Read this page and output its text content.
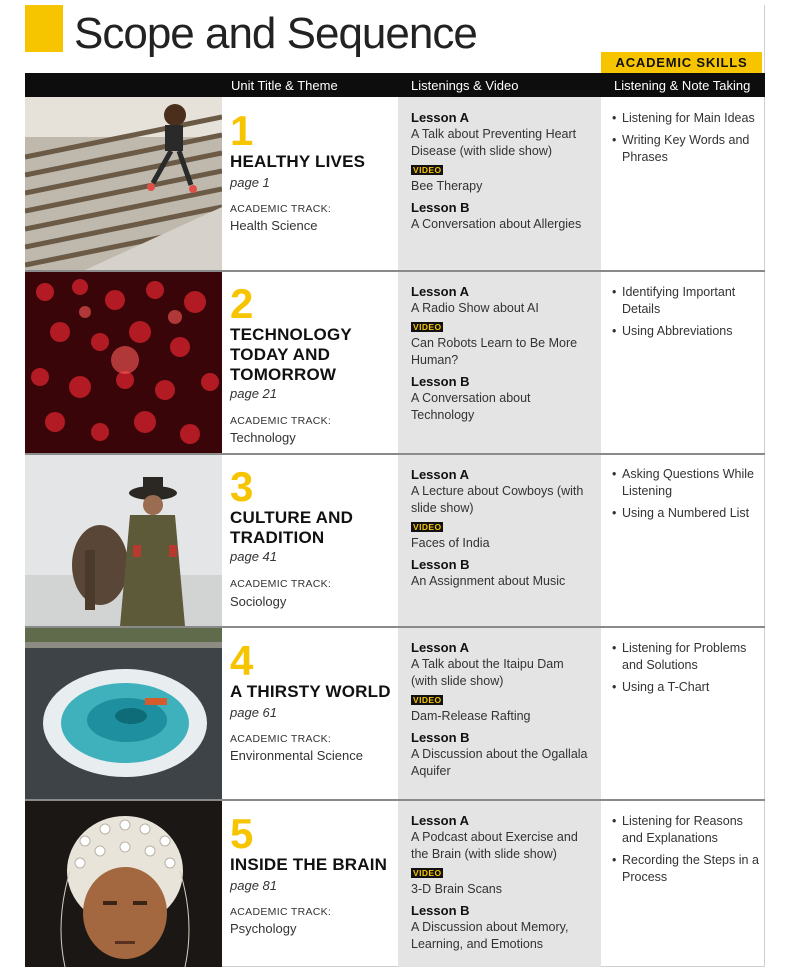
Scope and Sequence
ACADEMIC SKILLS
Unit Title & Theme	Listenings & Video	Listening & Note Taking
1
HEALTHY LIVES
page 1
ACADEMIC TRACK:
Health Science
Lesson A
A Talk about Preventing Heart Disease (with slide show)
VIDEO
Bee Therapy
Lesson B
A Conversation about Allergies
• Listening for Main Ideas
• Writing Key Words and Phrases
2
TECHNOLOGY
TODAY AND
TOMORROW
page 21
ACADEMIC TRACK:
Technology
Lesson A
A Radio Show about AI
VIDEO
Can Robots Learn to Be More Human?
Lesson B
A Conversation about Technology
• Identifying Important Details
• Using Abbreviations
3
CULTURE AND
TRADITION
page 41
ACADEMIC TRACK:
Sociology
Lesson A
A Lecture about Cowboys (with slide show)
VIDEO
Faces of India
Lesson B
An Assignment about Music
• Asking Questions While Listening
• Using a Numbered List
4
A THIRSTY WORLD
page 61
ACADEMIC TRACK:
Environmental Science
Lesson A
A Talk about the Itaipu Dam (with slide show)
VIDEO
Dam-Release Rafting
Lesson B
A Discussion about the Ogallala Aquifer
• Listening for Problems and Solutions
• Using a T-Chart
5
INSIDE THE BRAIN
page 81
ACADEMIC TRACK:
Psychology
Lesson A
A Podcast about Exercise and the Brain (with slide show)
VIDEO
3-D Brain Scans
Lesson B
A Discussion about Memory, Learning, and Emotions
• Listening for Reasons and Explanations
• Recording the Steps in a Process
